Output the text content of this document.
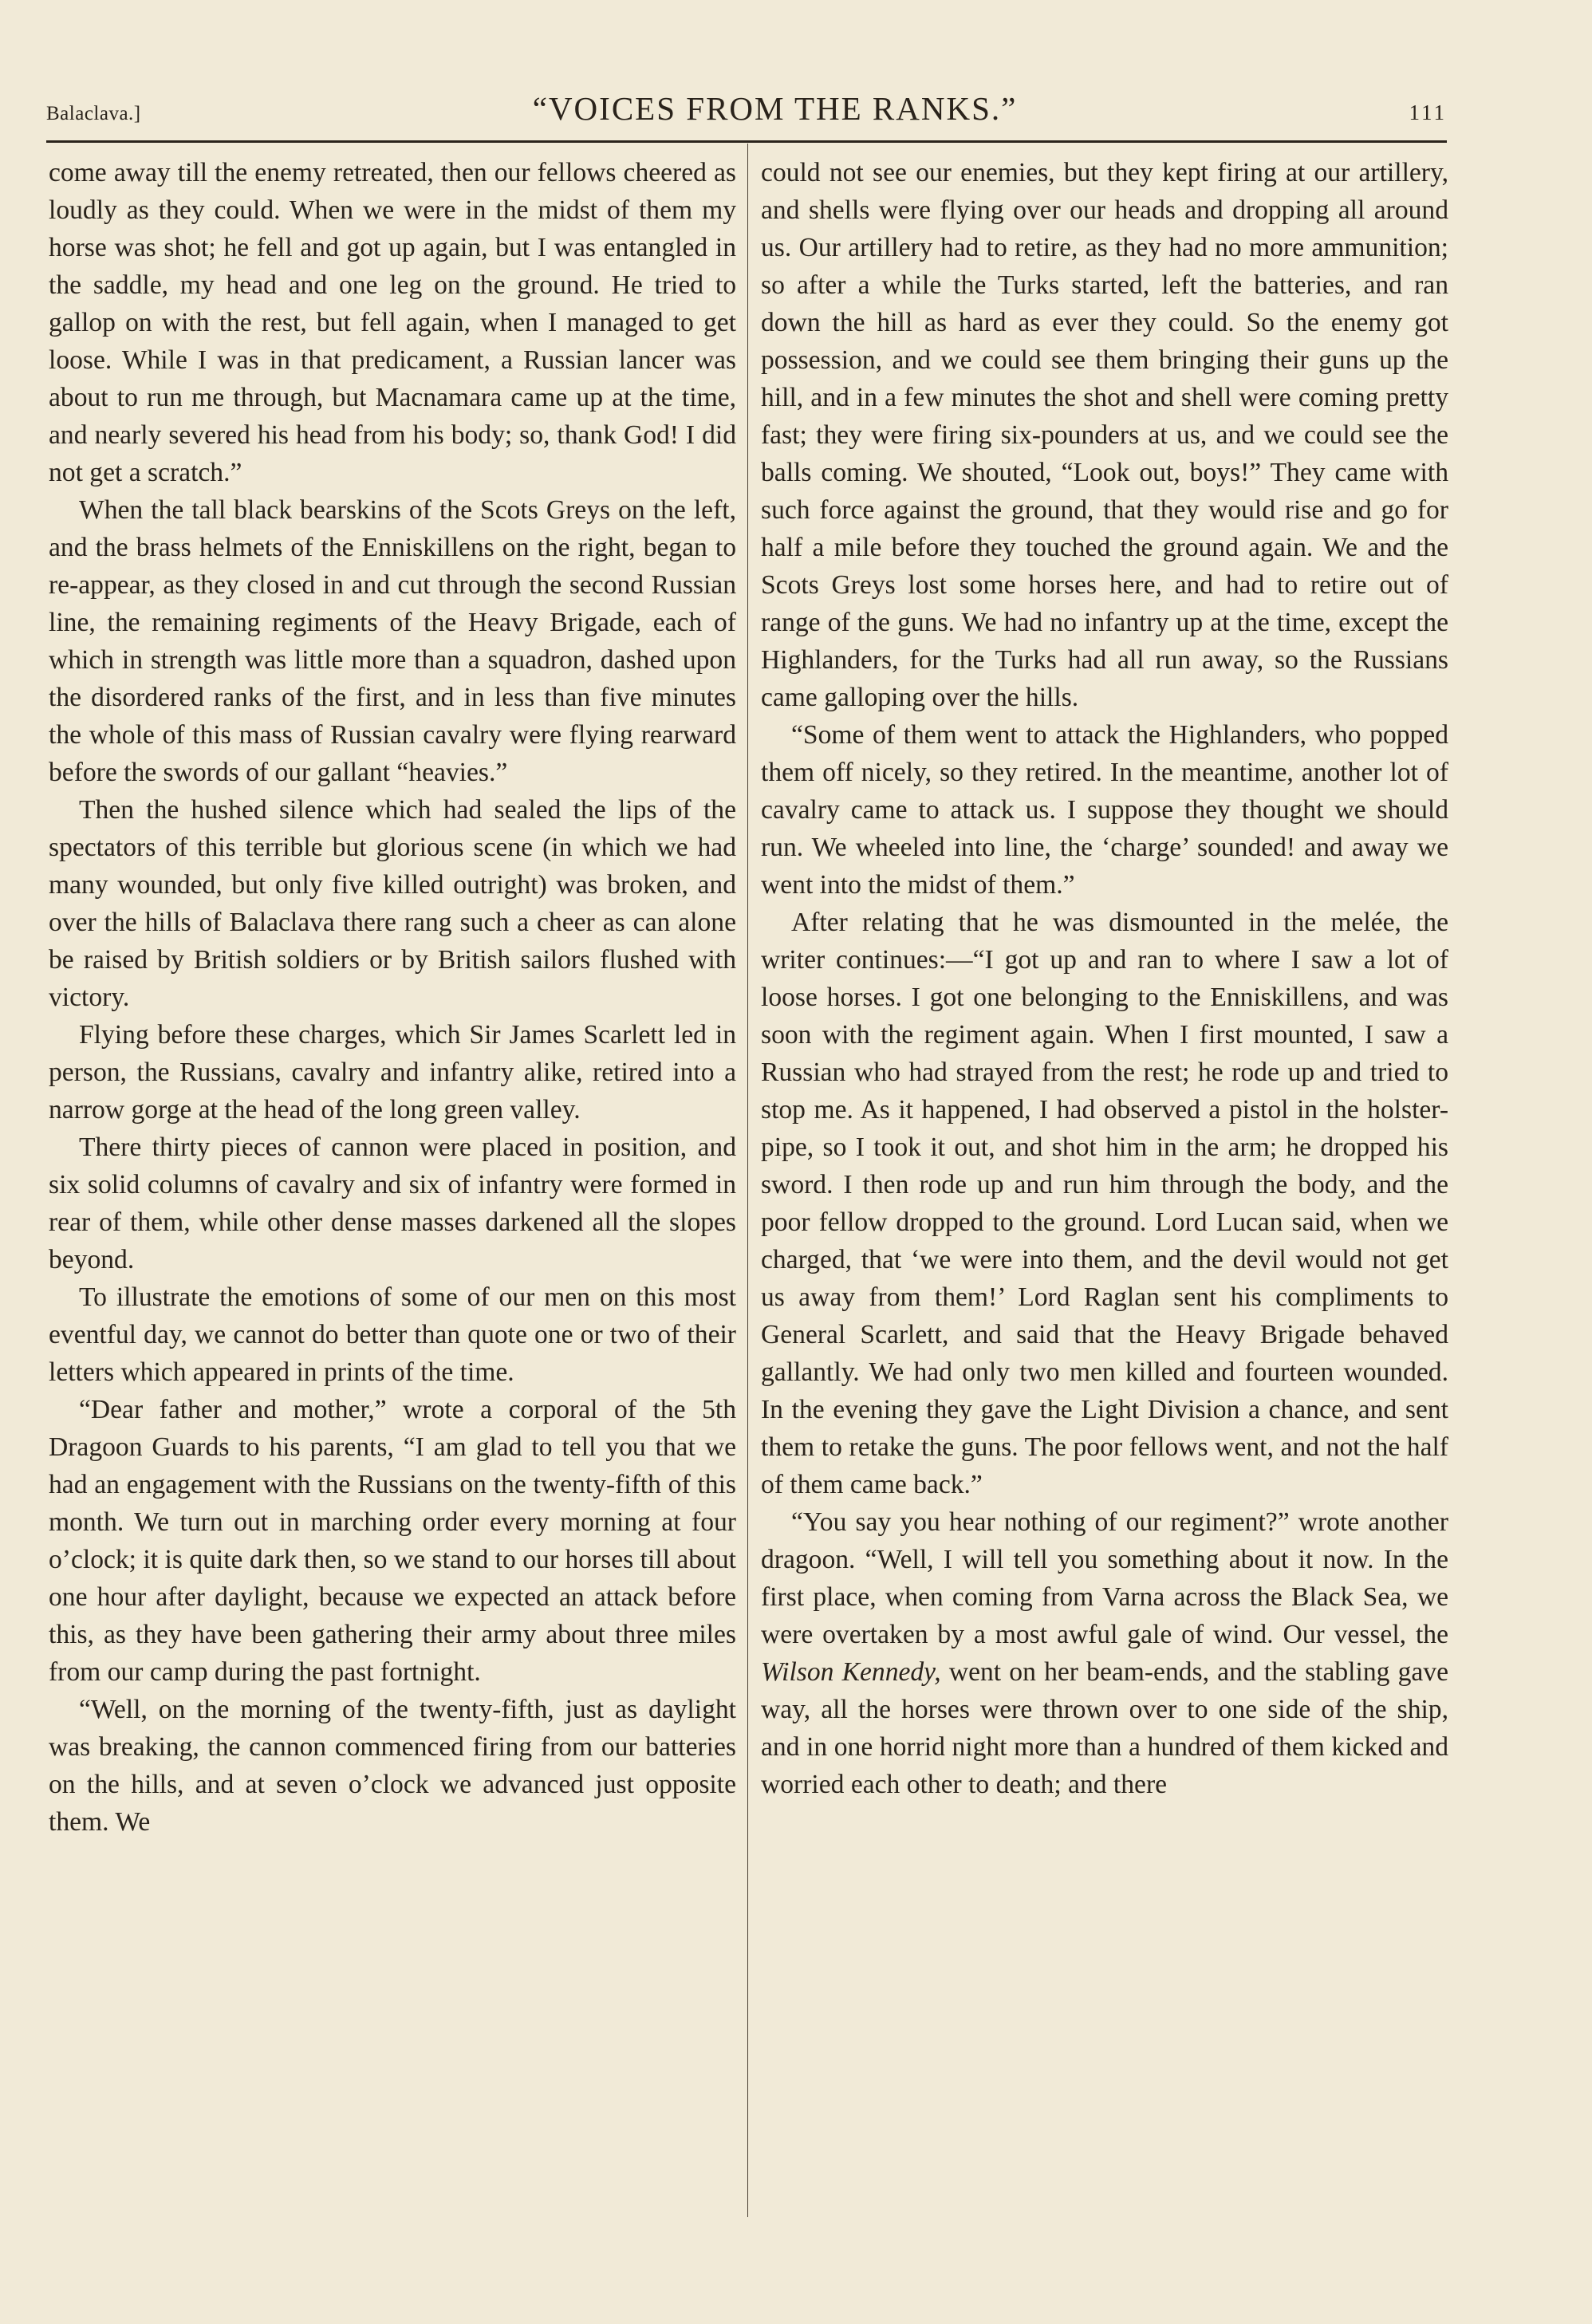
Balaclava.]	“VOICES FROM THE RANKS.”	111

come away till the enemy retreated, then our fellows cheered as loudly as they could. When we were in the midst of them my horse was shot; he fell and got up again, but I was entangled in the saddle, my head and one leg on the ground. He tried to gallop on with the rest, but fell again, when I managed to get loose. While I was in that predicament, a Russian lancer was about to run me through, but Macnamara came up at the time, and nearly severed his head from his body; so, thank God! I did not get a scratch.”

When the tall black bearskins of the Scots Greys on the left, and the brass helmets of the Enniskillens on the right, began to re-appear, as they closed in and cut through the second Russian line, the remaining regiments of the Heavy Brigade, each of which in strength was little more than a squadron, dashed upon the disordered ranks of the first, and in less than five minutes the whole of this mass of Russian cavalry were flying rearward before the swords of our gallant “heavies.”

Then the hushed silence which had sealed the lips of the spectators of this terrible but glorious scene (in which we had many wounded, but only five killed outright) was broken, and over the hills of Balaclava there rang such a cheer as can alone be raised by British soldiers or by British sailors flushed with victory.

Flying before these charges, which Sir James Scarlett led in person, the Russians, cavalry and infantry alike, retired into a narrow gorge at the head of the long green valley.

There thirty pieces of cannon were placed in position, and six solid columns of cavalry and six of infantry were formed in rear of them, while other dense masses darkened all the slopes beyond.

To illustrate the emotions of some of our men on this most eventful day, we cannot do better than quote one or two of their letters which appeared in prints of the time.

“Dear father and mother,” wrote a corporal of the 5th Dragoon Guards to his parents, “I am glad to tell you that we had an engagement with the Russians on the twenty-fifth of this month. We turn out in marching order every morning at four o’clock; it is quite dark then, so we stand to our horses till about one hour after daylight, because we expected an attack before this, as they have been gathering their army about three miles from our camp during the past fortnight.

“Well, on the morning of the twenty-fifth, just as daylight was breaking, the cannon commenced firing from our batteries on the hills, and at seven o’clock we advanced just opposite them. We

could not see our enemies, but they kept firing at our artillery, and shells were flying over our heads and dropping all around us. Our artillery had to retire, as they had no more ammunition; so after a while the Turks started, left the batteries, and ran down the hill as hard as ever they could. So the enemy got possession, and we could see them bringing their guns up the hill, and in a few minutes the shot and shell were coming pretty fast; they were firing six-pounders at us, and we could see the balls coming. We shouted, “Look out, boys!” They came with such force against the ground, that they would rise and go for half a mile before they touched the ground again. We and the Scots Greys lost some horses here, and had to retire out of range of the guns. We had no infantry up at the time, except the Highlanders, for the Turks had all run away, so the Russians came galloping over the hills.

“Some of them went to attack the Highlanders, who popped them off nicely, so they retired. In the meantime, another lot of cavalry came to attack us. I suppose they thought we should run. We wheeled into line, the ‘charge’ sounded! and away we went into the midst of them.”

After relating that he was dismounted in the melée, the writer continues:—“I got up and ran to where I saw a lot of loose horses. I got one belonging to the Enniskillens, and was soon with the regiment again. When I first mounted, I saw a Russian who had strayed from the rest; he rode up and tried to stop me. As it happened, I had observed a pistol in the holster-pipe, so I took it out, and shot him in the arm; he dropped his sword. I then rode up and run him through the body, and the poor fellow dropped to the ground. Lord Lucan said, when we charged, that ‘we were into them, and the devil would not get us away from them!’ Lord Raglan sent his compliments to General Scarlett, and said that the Heavy Brigade behaved gallantly. We had only two men killed and fourteen wounded. In the evening they gave the Light Division a chance, and sent them to retake the guns. The poor fellows went, and not the half of them came back.”

“You say you hear nothing of our regiment?” wrote another dragoon. “Well, I will tell you something about it now. In the first place, when coming from Varna across the Black Sea, we were overtaken by a most awful gale of wind. Our vessel, the Wilson Kennedy, went on her beam-ends, and the stabling gave way, all the horses were thrown over to one side of the ship, and in one horrid night more than a hundred of them kicked and worried each other to death; and there
